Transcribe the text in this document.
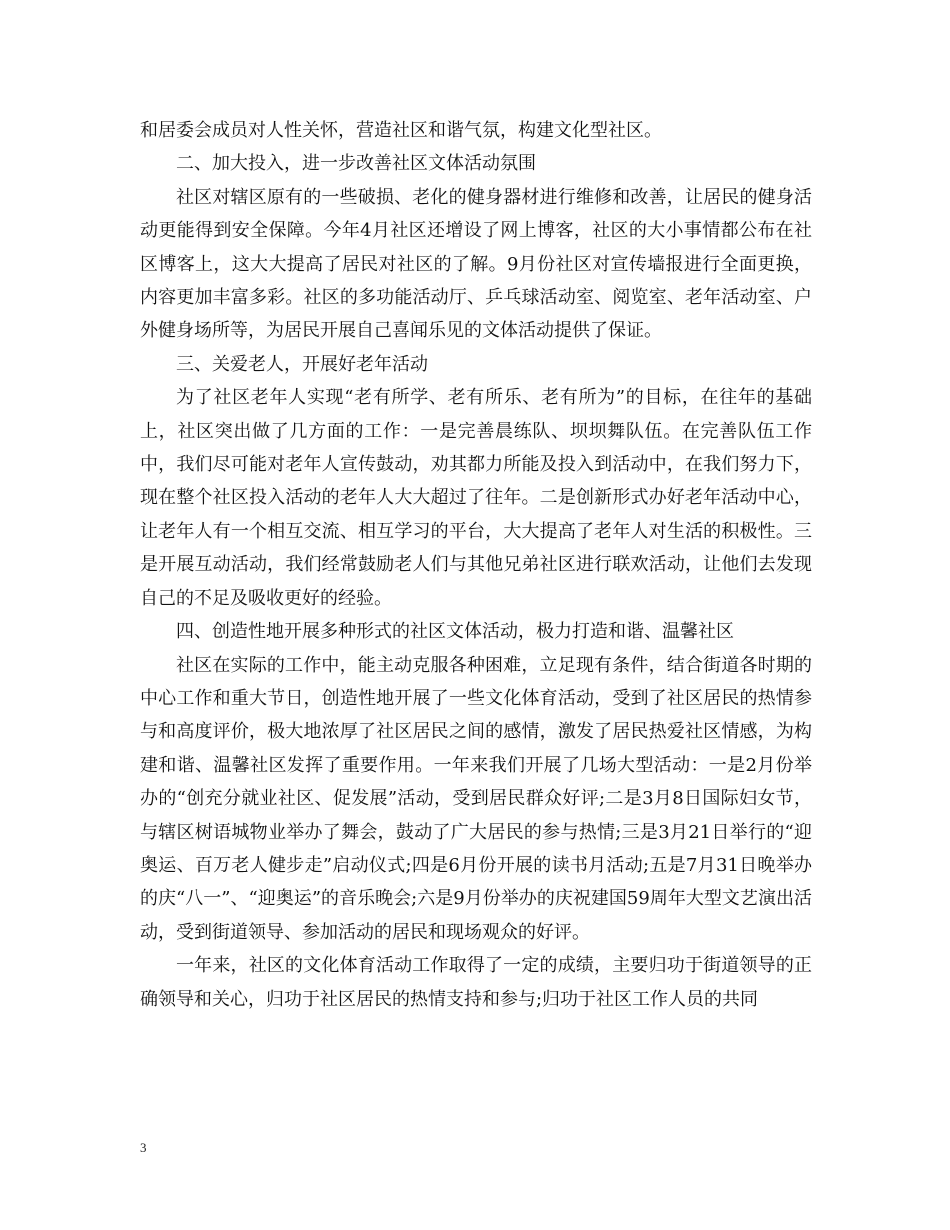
和居委会成员对人性关怀，营造社区和谐气氛，构建文化型社区。

二、加大投入，进一步改善社区文体活动氛围

社区对辖区原有的一些破损、老化的健身器材进行维修和改善，让居民的健身活动更能得到安全保障。今年4月社区还增设了网上博客，社区的大小事情都公布在社区博客上，这大大提高了居民对社区的了解。9月份社区对宣传墙报进行全面更换，内容更加丰富多彩。社区的多功能活动厅、乒乓球活动室、阅览室、老年活动室、户外健身场所等，为居民开展自己喜闻乐见的文体活动提供了保证。

三、关爱老人，开展好老年活动

为了社区老年人实现“老有所学、老有所乐、老有所为”的目标，在往年的基础上，社区突出做了几方面的工作：一是完善晨练队、坝坝舞队伍。在完善队伍工作中，我们尽可能对老年人宣传鼓动，劝其都力所能及投入到活动中，在我们努力下，现在整个社区投入活动的老年人大大超过了往年。二是创新形式办好老年活动中心，让老年人有一个相互交流、相互学习的平台，大大提高了老年人对生活的积极性。三是开展互动活动，我们经常鼓励老人们与其他兄弟社区进行联欢活动，让他们去发现自己的不足及吸收更好的经验。

四、创造性地开展多种形式的社区文体活动，极力打造和谐、温馨社区

社区在实际的工作中，能主动克服各种困难，立足现有条件，结合街道各时期的中心工作和重大节日，创造性地开展了一些文化体育活动，受到了社区居民的热情参与和高度评价，极大地浓厚了社区居民之间的感情，激发了居民热爱社区情感，为构建和谐、温馨社区发挥了重要作用。一年来我们开展了几场大型活动：一是2月份举办的“创充分就业社区、促发展”活动，受到居民群众好评;二是3月8日国际妇女节，与辖区树语城物业举办了舞会，鼓动了广大居民的参与热情;三是3月21日举行的“迎奥运、百万老人健步走”启动仪式;四是6月份开展的读书月活动;五是7月31日晚举办的庆“八一”、“迎奥运”的音乐晚会;六是9月份举办的庆祝建国59周年大型文艺演出活动，受到街道领导、参加活动的居民和现场观众的好评。

一年来，社区的文化体育活动工作取得了一定的成绩，主要归功于街道领导的正确领导和关心，归功于社区居民的热情支持和参与;归功于社区工作人员的共同

3
